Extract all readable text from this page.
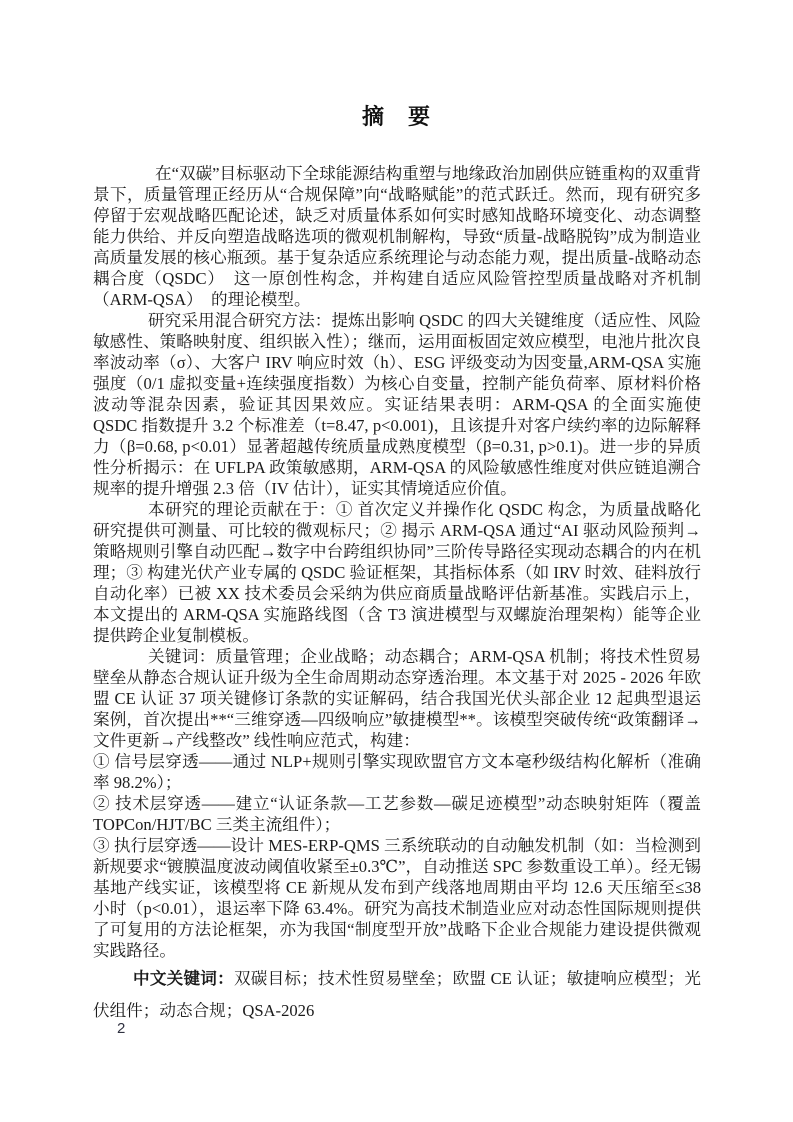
摘　要

在“双碳”目标驱动下全球能源结构重塑与地缘政治加剧供应链重构的双重背景下，质量管理正经历从“合规保障”向“战略赋能”的范式跃迁。然而，现有研究多停留于宏观战略匹配论述，缺乏对质量体系如何实时感知战略环境变化、动态调整能力供给、并反向塑造战略选项的微观机制解构，导致“质量-战略脱钩”成为制造业高质量发展的核心瓶颈。基于复杂适应系统理论与动态能力观，提出质量-战略动态耦合度（QSDC）　这一原创性构念，并构建自适应风险管控型质量战略对齐机制（ARM-QSA）　的理论模型。

研究采用混合研究方法：提炼出影响 QSDC 的四大关键维度（适应性、风险敏感性、策略映射度、组织嵌入性）；继而，运用面板固定效应模型，电池片批次良率波动率（σ）、大客户 IRV 响应时效（h）、ESG 评级变动为因变量,ARM-QSA 实施强度（0/1 虚拟变量+连续强度指数）为核心自变量，控制产能负荷率、原材料价格波动等混杂因素，验证其因果效应。实证结果表明：ARM-QSA 的全面实施使 QSDC 指数提升 3.2 个标准差（t=8.47, p<0.001)，且该提升对客户续约率的边际解释力（β=0.68, p<0.01）显著超越传统质量成熟度模型（β=0.31, p>0.1)。进一步的异质性分析揭示：在 UFLPA 政策敏感期，ARM-QSA 的风险敏感性维度对供应链追溯合规率的提升增强 2.3 倍（IV 估计），证实其情境适应价值。

本研究的理论贡献在于：① 首次定义并操作化 QSDC 构念，为质量战略化研究提供可测量、可比较的微观标尺；② 揭示 ARM-QSA 通过“AI 驱动风险预判→策略规则引擎自动匹配→数字中台跨组织协同”三阶传导路径实现动态耦合的内在机理；③ 构建光伏产业专属的 QSDC 验证框架，其指标体系（如 IRV 时效、硅料放行自动化率）已被 XX 技术委员会采纳为供应商质量战略评估新基准。实践启示上，本文提出的 ARM-QSA 实施路线图（含 T3 演进模型与双螺旋治理架构）能等企业提供跨企业复制模板。

关键词：质量管理；企业战略；动态耦合；ARM-QSA 机制；将技术性贸易壁垒从静态合规认证升级为全生命周期动态穿透治理。本文基于对 2025 - 2026 年欧盟 CE 认证 37 项关键修订条款的实证解码，结合我国光伏头部企业 12 起典型退运案例，首次提出**“三维穿透—四级响应”敏捷模型**。该模型突破传统“政策翻译→文件更新→产线整改” 线性响应范式，构建：

① 信号层穿透——通过 NLP+规则引擎实现欧盟官方文本毫秒级结构化解析（准确率 98.2%）；

② 技术层穿透——建立“认证条款—工艺参数—碳足迹模型”动态映射矩阵（覆盖 TOPCon/HJT/BC 三类主流组件）；

③ 执行层穿透——设计 MES-ERP-QMS 三系统联动的自动触发机制（如：当检测到新规要求“镀膜温度波动阈值收紧至±0.3℃”，自动推送 SPC 参数重设工单）。经无锡基地产线实证，该模型将 CE 新规从发布到产线落地周期由平均 12.6 天压缩至≤38 小时（p<0.01），退运率下降 63.4%。研究为高技术制造业应对动态性国际规则提供了可复用的方法论框架，亦为我国“制度型开放”战略下企业合规能力建设提供微观实践路径。

中文关键词：双碳目标；技术性贸易壁垒；欧盟 CE 认证；敏捷响应模型；光伏组件；动态合规；QSA-2026

2
